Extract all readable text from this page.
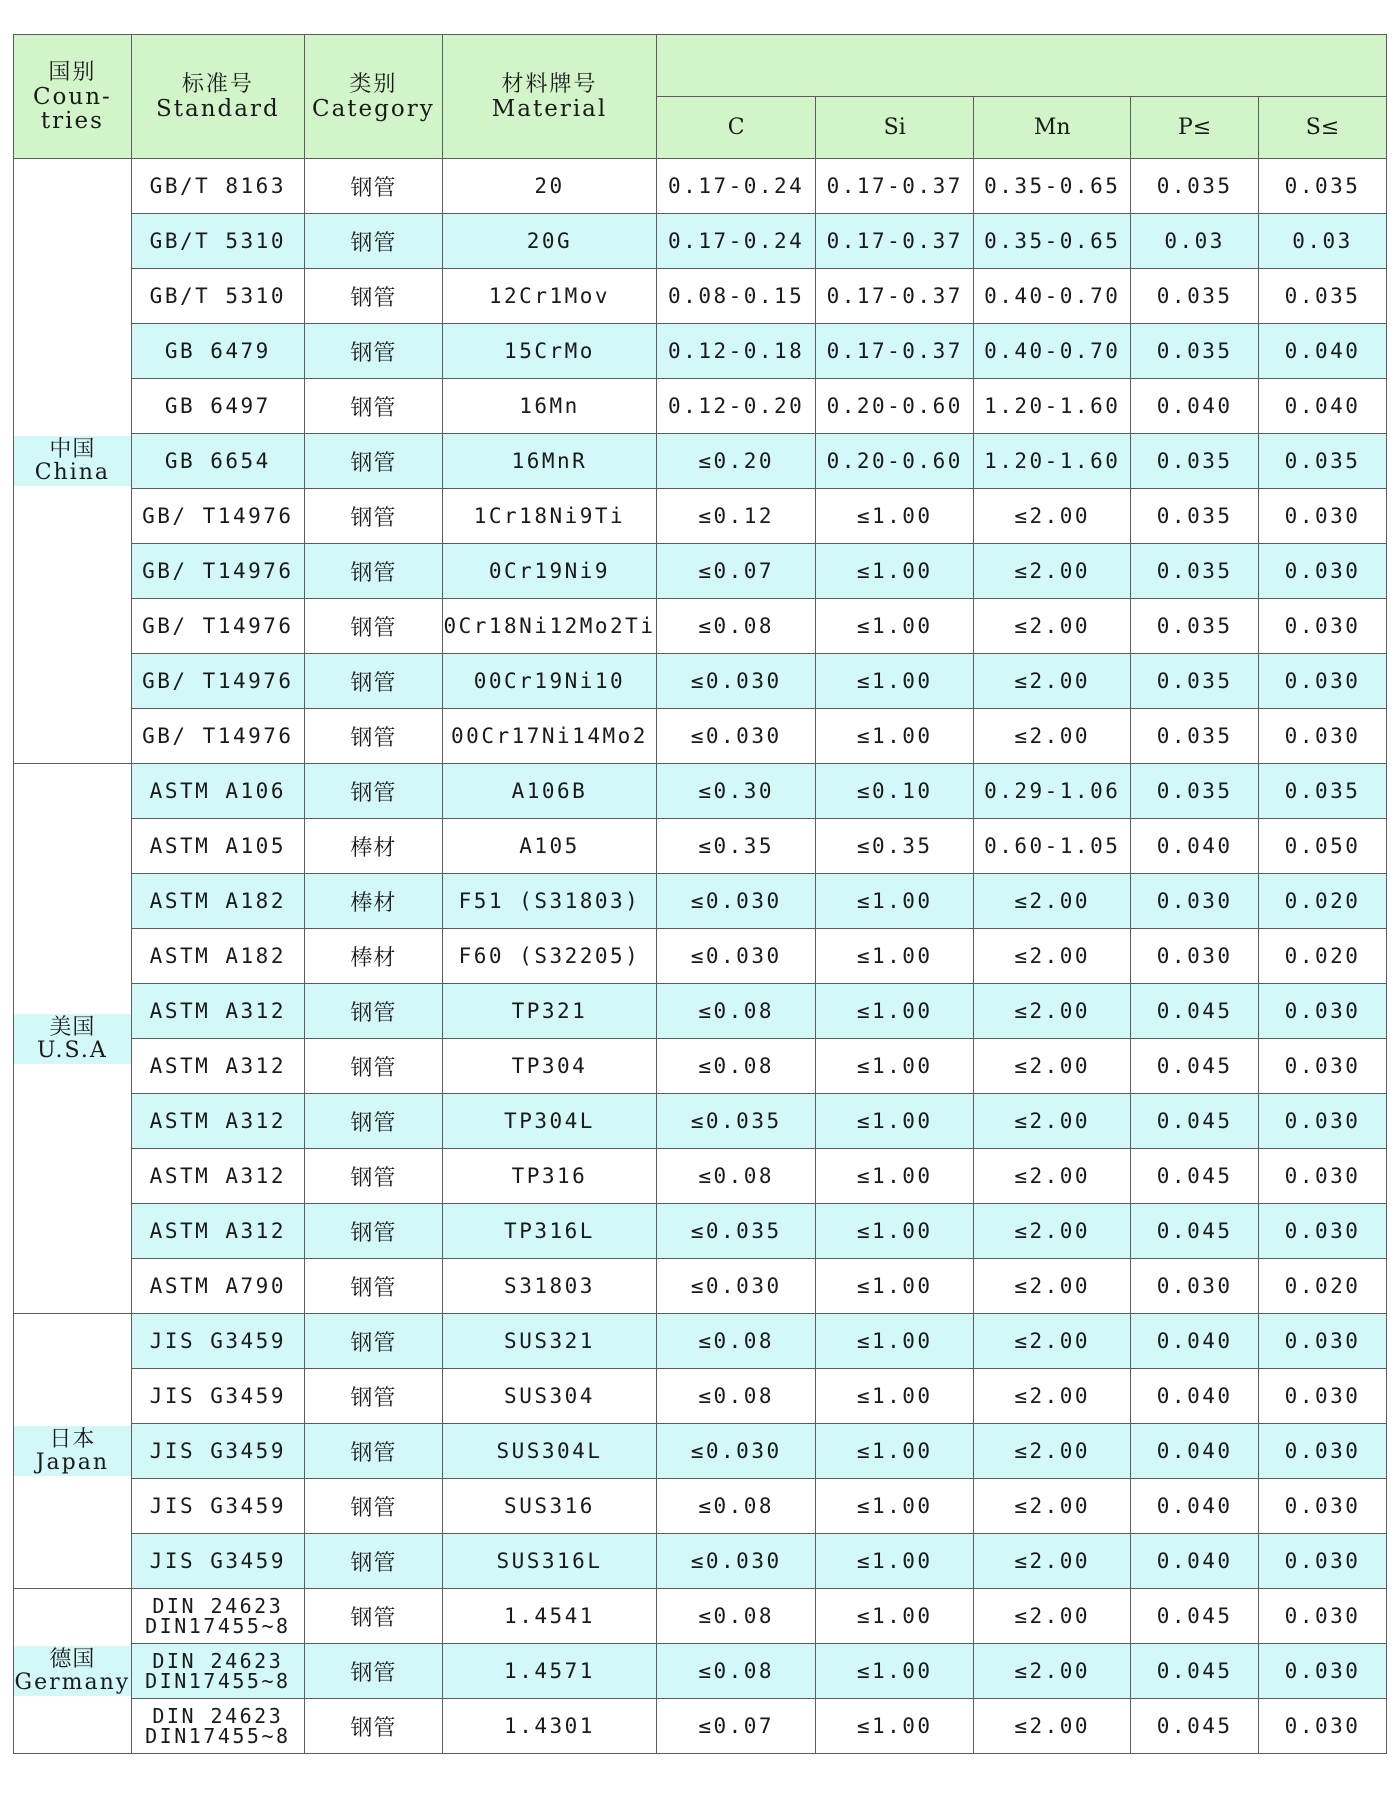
国别
Coun-
tries	标准号
Standard	类别
Category	材料牌号
Material					

				C	Si	Mn	P≤	S≤

中国
China	GB/T 8163	钢管	20	0.17-0.24	0.17-0.37	0.35-0.65	0.035	0.035
	GB/T 5310	钢管	20G	0.17-0.24	0.17-0.37	0.35-0.65	0.03	0.03
	GB/T 5310	钢管	12Cr1Mov	0.08-0.15	0.17-0.37	0.40-0.70	0.035	0.035
	GB 6479	钢管	15CrMo	0.12-0.18	0.17-0.37	0.40-0.70	0.035	0.040
	GB 6497	钢管	16Mn	0.12-0.20	0.20-0.60	1.20-1.60	0.040	0.040
	GB 6654	钢管	16MnR	≤0.20	0.20-0.60	1.20-1.60	0.035	0.035
	GB/ T14976	钢管	1Cr18Ni9Ti	≤0.12	≤1.00	≤2.00	0.035	0.030
	GB/ T14976	钢管	0Cr19Ni9	≤0.07	≤1.00	≤2.00	0.035	0.030
	GB/ T14976	钢管	0Cr18Ni12Mo2Ti	≤0.08	≤1.00	≤2.00	0.035	0.030
	GB/ T14976	钢管	00Cr19Ni10	≤0.030	≤1.00	≤2.00	0.035	0.030
	GB/ T14976	钢管	00Cr17Ni14Mo2	≤0.030	≤1.00	≤2.00	0.035	0.030

美国
U.S.A	ASTM A106	钢管	A106B	≤0.30	≤0.10	0.29-1.06	0.035	0.035
	ASTM A105	棒材	A105	≤0.35	≤0.35	0.60-1.05	0.040	0.050
	ASTM A182	棒材	F51 (S31803)	≤0.030	≤1.00	≤2.00	0.030	0.020
	ASTM A182	棒材	F60 (S32205)	≤0.030	≤1.00	≤2.00	0.030	0.020
	ASTM A312	钢管	TP321	≤0.08	≤1.00	≤2.00	0.045	0.030
	ASTM A312	钢管	TP304	≤0.08	≤1.00	≤2.00	0.045	0.030
	ASTM A312	钢管	TP304L	≤0.035	≤1.00	≤2.00	0.045	0.030
	ASTM A312	钢管	TP316	≤0.08	≤1.00	≤2.00	0.045	0.030
	ASTM A312	钢管	TP316L	≤0.035	≤1.00	≤2.00	0.045	0.030
	ASTM A790	钢管	S31803	≤0.030	≤1.00	≤2.00	0.030	0.020

日本
Japan	JIS G3459	钢管	SUS321	≤0.08	≤1.00	≤2.00	0.040	0.030
	JIS G3459	钢管	SUS304	≤0.08	≤1.00	≤2.00	0.040	0.030
	JIS G3459	钢管	SUS304L	≤0.030	≤1.00	≤2.00	0.040	0.030
	JIS G3459	钢管	SUS316	≤0.08	≤1.00	≤2.00	0.040	0.030
	JIS G3459	钢管	SUS316L	≤0.030	≤1.00	≤2.00	0.040	0.030

德国
Germany	DIN 24623
DIN17455~8	钢管	1.4541	≤0.08	≤1.00	≤2.00	0.045	0.030

	DIN 24623
DIN17455~8	钢管	1.4571	≤0.08	≤1.00	≤2.00	0.045	0.030

	DIN 24623
DIN17455~8	钢管	1.4301	≤0.07	≤1.00	≤2.00	0.045	0.030
